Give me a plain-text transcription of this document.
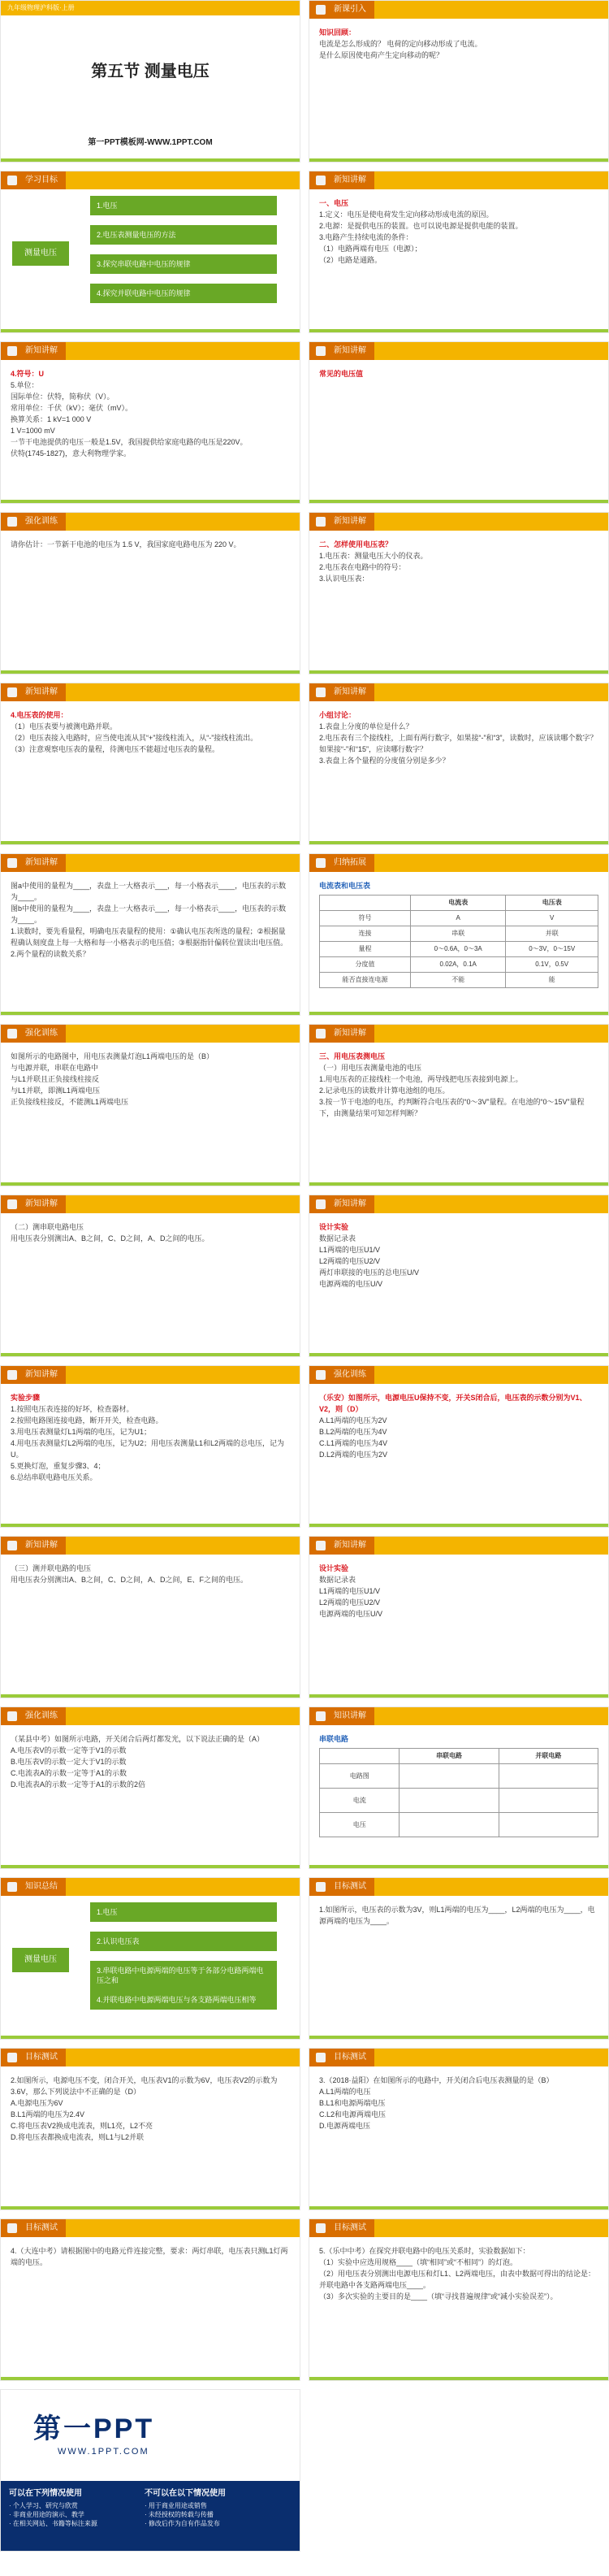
九年级物理沪科版·上册
第五节 测量电压
第一PPT模板网-WWW.1PPT.COM
新课引入
知识回顾：
电流是怎么形成的？ 电荷的定向移动形成了电流。
是什么原因使电荷产生定向移动的呢？
学习目标
测量电压
1.电压
2.电压表测量电压的方法
3.探究串联电路中电压的规律
4.探究并联电路中电压的规律
新知讲解
一、电压
1.定义：电压是使电荷发生定向移动形成电流的原因。
2.电源：是提供电压的装置。也可以说电源是提供电能的装置。
3.电路产生持续电流的条件：
（1）电路两端有电压（电源）；
（2）电路是通路。
新知讲解
4.符号：U
5.单位：
国际单位：伏特，简称伏（V）。
常用单位：千伏（kV）；毫伏（mV）。
换算关系：1 kV=1 000 V
1 V=1000 mV
一节干电池提供的电压一般是1.5V，我国提供给家庭电路的电压是220V。
伏特(1745-1827)，意大利物理学家。
新知讲解
常见的电压值
强化训练
请你估计：一节新干电池的电压为 1.5 V，我国家庭电路电压为 220 V。
新知讲解
二、怎样使用电压表？
1.电压表：测量电压大小的仪表。
2.电压表在电路中的符号：
3.认识电压表：
新知讲解
4.电压表的使用：
（1）电压表要与被测电路并联。
（2）电压表接入电路时，应当使电流从其“+”接线柱流入，从“-”接线柱流出。
（3）注意观察电压表的量程，待测电压不能超过电压表的量程。
新知讲解
小组讨论：
1.表盘上分度的单位是什么？
2.电压表有三个接线柱，上面有两行数字，如果接“-”和“3”，读数时，应该读哪个数字？如果接“-”和“15”，应读哪行数字？
3.表盘上各个量程的分度值分别是多少？
新知讲解
图a中使用的量程为____，表盘上一大格表示___，每一小格表示____，电压表的示数为____。
图b中使用的量程为____，表盘上一大格表示___，每一小格表示____，电压表的示数为____。
1.读数时，要先看量程，明确电压表量程的使用：①确认电压表所选的量程；②根据量程确认刻度盘上每一大格和每一小格表示的电压值；③根据指针偏转位置读出电压值。
2.两个量程的读数关系？
归纳拓展
电流表和电压表
	电流表	电压表
符号	A	V
连接	串联	并联
量程	0～0.6A，0～3A	0～3V，0～15V
分度值	0.02A，0.1A	0.1V，0.5V
能否直接连电源	不能	能
强化训练
如图所示的电路图中，用电压表测量灯泡L1两端电压的是（B）
与电源并联，串联在电路中
与L1并联且正负接线柱接反
与L1并联，即测L1两端电压
正负接线柱接反，不能测L1两端电压
新知讲解
三、用电压表测电压
（一）用电压表测量电池的电压
1.用电压表的正接线柱一个电池，两导线把电压表接到电源上。
2.记录电压的读数并计算电池组的电压。
3.按一节干电池的电压，约判断符合电压表的“0～3V”量程。在电池的“0～15V”量程下，由测量结果可知怎样判断？
新知讲解
（二）测串联电路电压
用电压表分别测出A、B之间，C、D之间，A、D之间的电压。
新知讲解
设计实验
数据记录表
L1两端的电压U1/V
L2两端的电压U2/V
两灯串联接的电压的总电压U/V
电源两端的电压U/V
新知讲解
实验步骤
1.按照电压表连接的好坏，检查器材。
2.按照电路图连接电路，断开开关，检查电路。
3.用电压表测量灯L1两端的电压，记为U1；
4.用电压表测量灯L2两端的电压，记为U2；用电压表测量L1和L2两端的总电压，记为U。
5.更换灯泡，重复步骤3、4；
6.总结串联电路电压关系。
强化训练
（乐安）如图所示，电源电压U保持不变，开关S闭合后，电压表的示数分别为V1、V2，则（D）
A.L1两端的电压为2V
B.L2两端的电压为4V
C.L1两端的电压为4V
D.L2两端的电压为2V
新知讲解
（三）测并联电路的电压
用电压表分别测出A、B之间，C、D之间，A、D之间，E、F之间的电压。
新知讲解
设计实验
数据记录表
L1两端的电压U1/V
L2两端的电压U2/V
电源两端的电压U/V
强化训练
（某县中考）如图所示电路，开关闭合后两灯都发光，以下说法正确的是（A）
A.电压表V的示数一定等于V1的示数
B.电压表V的示数一定大于V1的示数
C.电流表A的示数一定等于A1的示数
D.电流表A的示数一定等于A1的示数的2倍
知识讲解
串联电路
	串联电路	并联电路
电路图		
电流		
电压		
知识总结
测量电压
1.电压
2.认识电压表
3.串联电路中电源两端的电压等于各部分电路两端电压之和
4.并联电路中电源两端电压与各支路两端电压相等
目标测试
1.如图所示，电压表的示数为3V，则L1两端的电压为____，L2两端的电压为____，电源两端的电压为____。
目标测试
2.如图所示，电源电压不变，闭合开关，电压表V1的示数为6V，电压表V2的示数为3.6V，那么下列说法中不正确的是（D）
A.电源电压为6V
B.L1两端的电压为2.4V
C.将电压表V2换成电流表，则L1亮，L2不亮
D.将电压表都换成电流表，则L1与L2并联
目标测试
3.（2018·益阳）在如图所示的电路中，开关闭合后电压表测量的是（B）
A.L1两端的电压
B.L1和电源两端电压
C.L2和电源两端电压
D.电源两端电压
目标测试
4.（大连中考）请根据图中的电路元件连接完整，要求：两灯串联，电压表只测L1灯两端的电压。
目标测试
5.（乐中中考）在探究并联电路中的电压关系时，实验数据如下：
（1）实验中应选用规格____（填“相同”或“不相同”）的灯泡。
（2）用电压表分别测出电源电压和灯L1、L2两端电压，由表中数据可得出的结论是：并联电路中各支路两端电压____。
（3）多次实验的主要目的是____（填“寻找普遍规律”或“减小实验误差”）。
第一PPT
WWW.1PPT.COM
可以在下列情况使用
· 个人学习、研究与欣赏
· 非商业用途的演示、教学
· 在相关网站、书籍等标注来源
不可以在以下情况使用
· 用于商业用途或销售
· 未经授权的转载与传播
· 修改后作为自有作品发布
